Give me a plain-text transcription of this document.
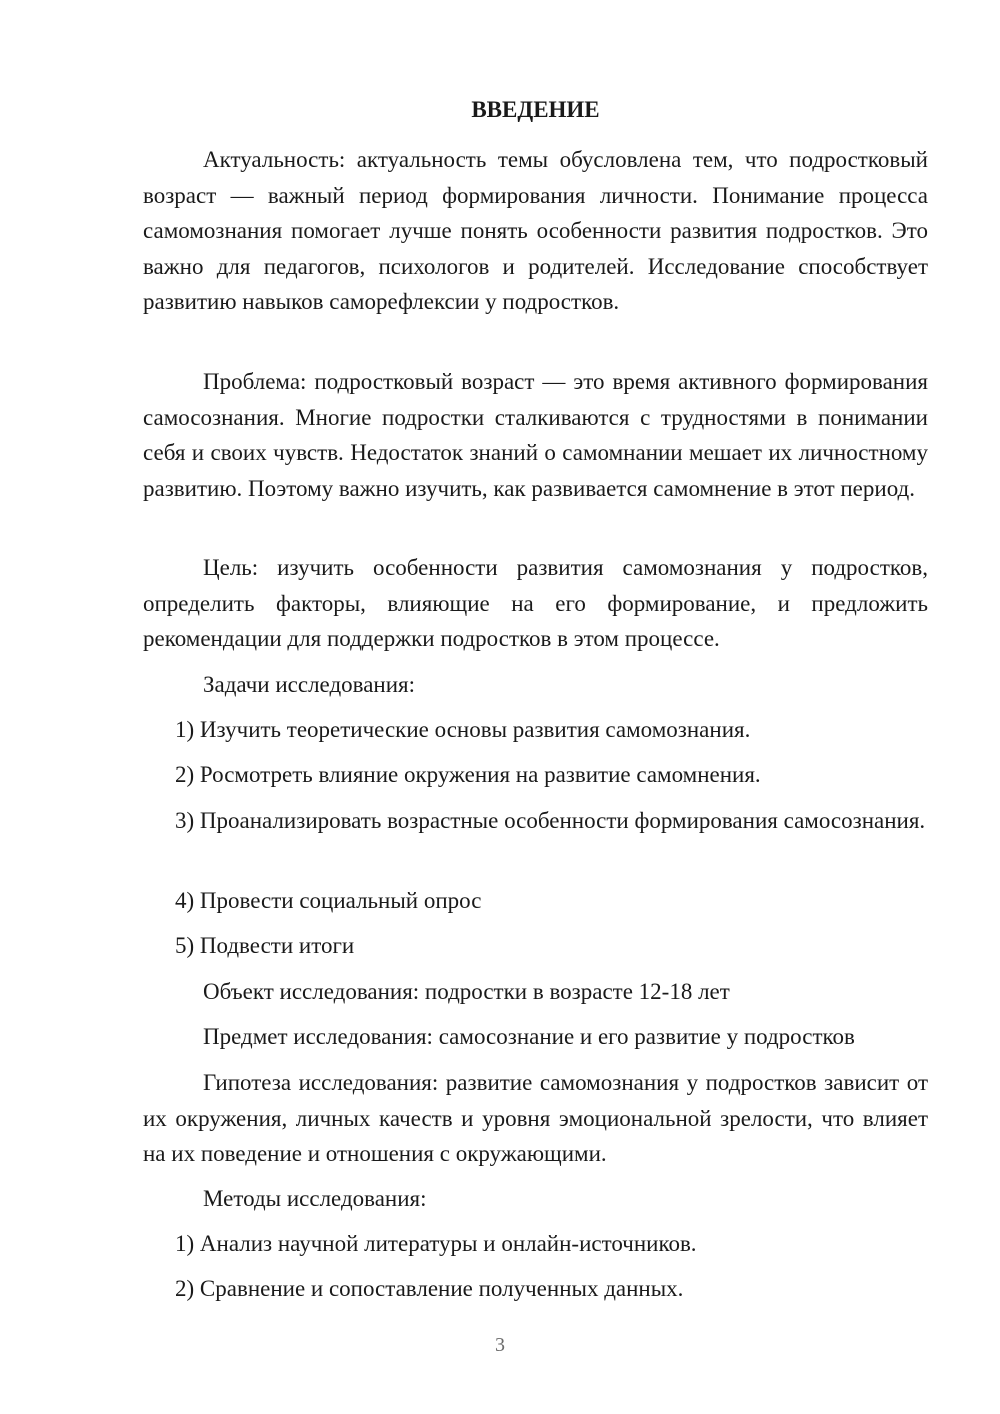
ВВЕДЕНИЕ

Актуальность: актуальность темы обусловлена тем, что подростковый возраст — важный период формирования личности. Понимание процесса самомознания помогает лучше понять особенности развития подростков. Это важно для педагогов, психологов и родителей. Исследование способствует развитию навыков саморефлексии у подростков.

Проблема: подростковый возраст — это время активного формирования самосознания. Многие подростки сталкиваются с трудностями в понимании себя и своих чувств. Недостаток знаний о самомнании мешает их личностному развитию. Поэтому важно изучить, как развивается самомнение в этот период.

Цель: изучить особенности развития самомознания у подростков, определить факторы, влияющие на его формирование, и предложить рекомендации для поддержки подростков в этом процессе.

Задачи исследования:

1) Изучить теоретические основы развития самомознания.

2) Росмотреть влияние окружения на развитие самомнения.

3) Проанализировать возрастные особенности формирования самосознания.

4) Провести социальный опрос

5) Подвести итоги

Объект исследования: подростки в возрасте 12-18 лет

Предмет исследования: самосознание и его развитие у подростков

Гипотеза исследования: развитие самомознания у подростков зависит от их окружения, личных качеств и уровня эмоциональной зрелости, что влияет на их поведение и отношения с окружающими.

Методы исследования:

1) Анализ научной литературы и онлайн-источников.

2) Сравнение и сопоставление полученных данных.

3
